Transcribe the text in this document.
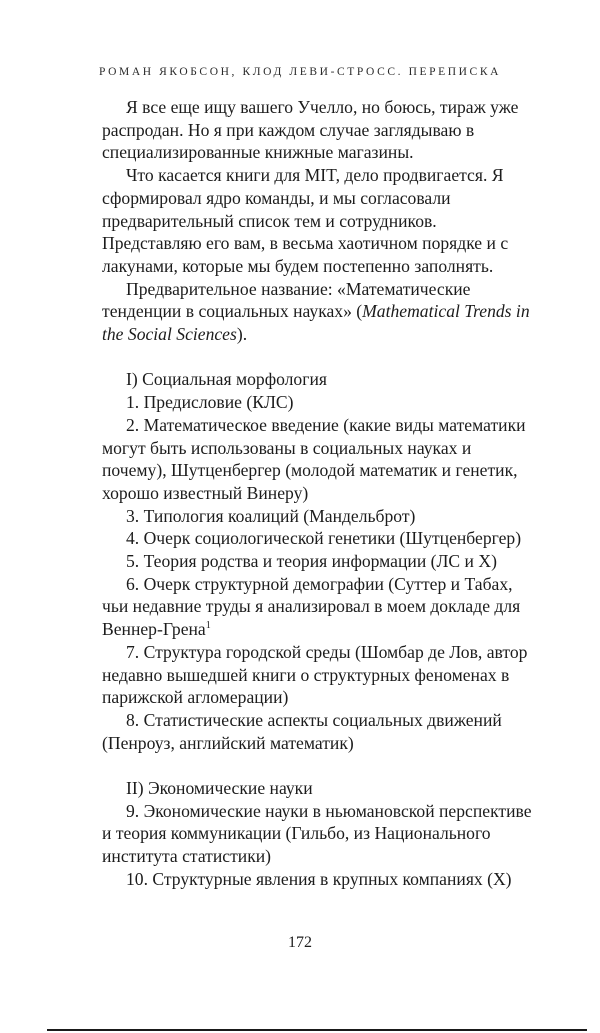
РОМАН ЯКОБСОН, КЛОД ЛЕВИ-СТРОСС. ПЕРЕПИСКА

Я все еще ищу вашего Учелло, но боюсь, тираж уже распродан. Но я при каждом случае заглядываю в специализированные книжные магазины.

Что касается книги для MIT, дело продвигается. Я сформировал ядро команды, и мы согласовали предварительный список тем и сотрудников. Представляю его вам, в весьма хаотичном порядке и с лакунами, которые мы будем постепенно заполнять.

Предварительное название: «Математические тенденции в социальных науках» (Mathematical Trends in the Social Sciences).

I) Социальная морфология

1. Предисловие (КЛС)

2. Математическое введение (какие виды математики могут быть использованы в социальных науках и почему), Шутценбергер (молодой математик и генетик, хорошо известный Винеру)

3. Типология коалиций (Мандельброт)

4. Очерк социологической генетики (Шутценбергер)

5. Теория родства и теория информации (ЛС и Х)

6. Очерк структурной демографии (Суттер и Табах, чьи недавние труды я анализировал в моем докладе для Веннер-Грена$^1$

7. Структура городской среды (Шомбар де Лов, автор недавно вышедшей книги о структурных феноменах в парижской агломерации)

8. Статистические аспекты социальных движений (Пенроуз, английский математик)

II) Экономические науки

9. Экономические науки в ньюмановской перспективе и теория коммуникации (Гильбо, из Национального института статистики)

10. Структурные явления в крупных компаниях (Х)

172
